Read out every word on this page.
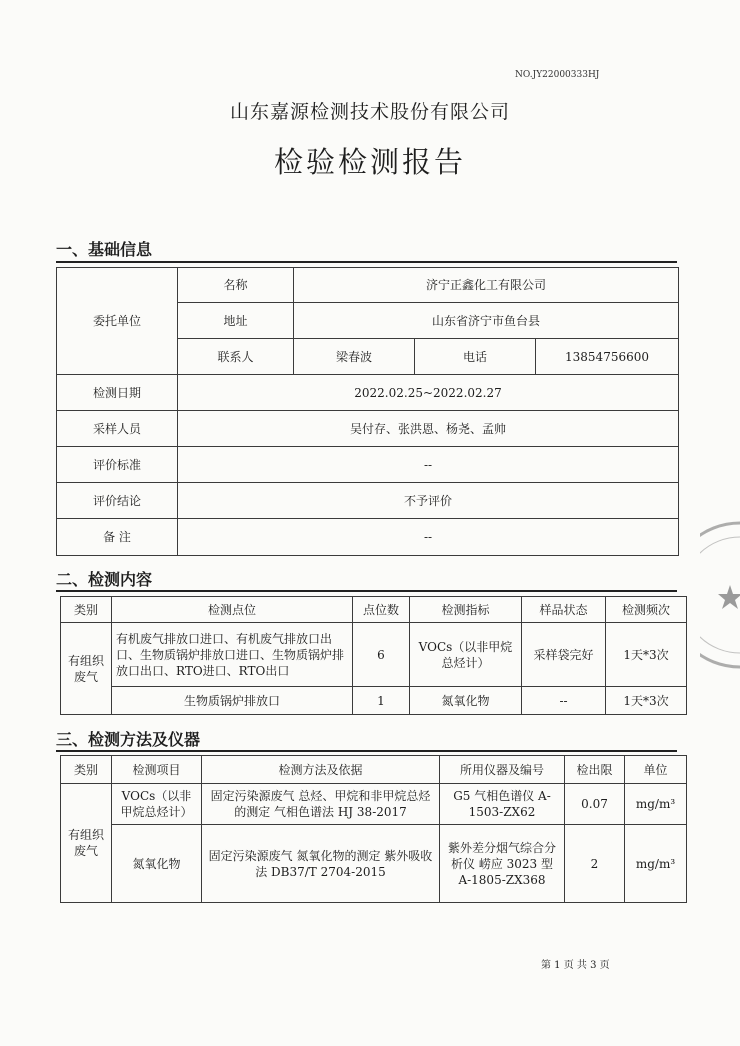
NO.JY22000333HJ
山东嘉源检测技术股份有限公司
检验检测报告
一、基础信息
委托单位	名称	济宁正鑫化工有限公司		
	地址	山东省济宁市鱼台县		
	联系人	梁春波	电话	13854756600
检测日期	2022.02.25~2022.02.27			
采样人员	吴付存、张洪恩、杨尧、孟帅			
评价标准	--			
评价结论	不予评价			
备 注	--			
二、检测内容
类别	检测点位	点位数	检测指标	样品状态	检测频次
有组织废气	有机废气排放口进口、有机废气排放口出口、生物质锅炉排放口进口、生物质锅炉排放口出口、RTO进口、RTO出口	6	VOCs（以非甲烷总烃计）	采样袋完好	1天*3次
	生物质锅炉排放口	1	氮氧化物	--	1天*3次
三、检测方法及仪器
类别	检测项目	检测方法及依据	所用仪器及编号	检出限	单位
有组织废气	VOCs（以非甲烷总烃计）	固定污染源废气 总烃、甲烷和非甲烷总烃的测定 气相色谱法 HJ 38-2017	G5 气相色谱仪 A-1503-ZX62	0.07	mg/m³
	氮氧化物	固定污染源废气 氮氧化物的测定 紫外吸收法 DB37/T 2704-2015	紫外差分烟气综合分析仪 崂应 3023 型 A-1805-ZX368	2	mg/m³
第 1 页 共 3 页
